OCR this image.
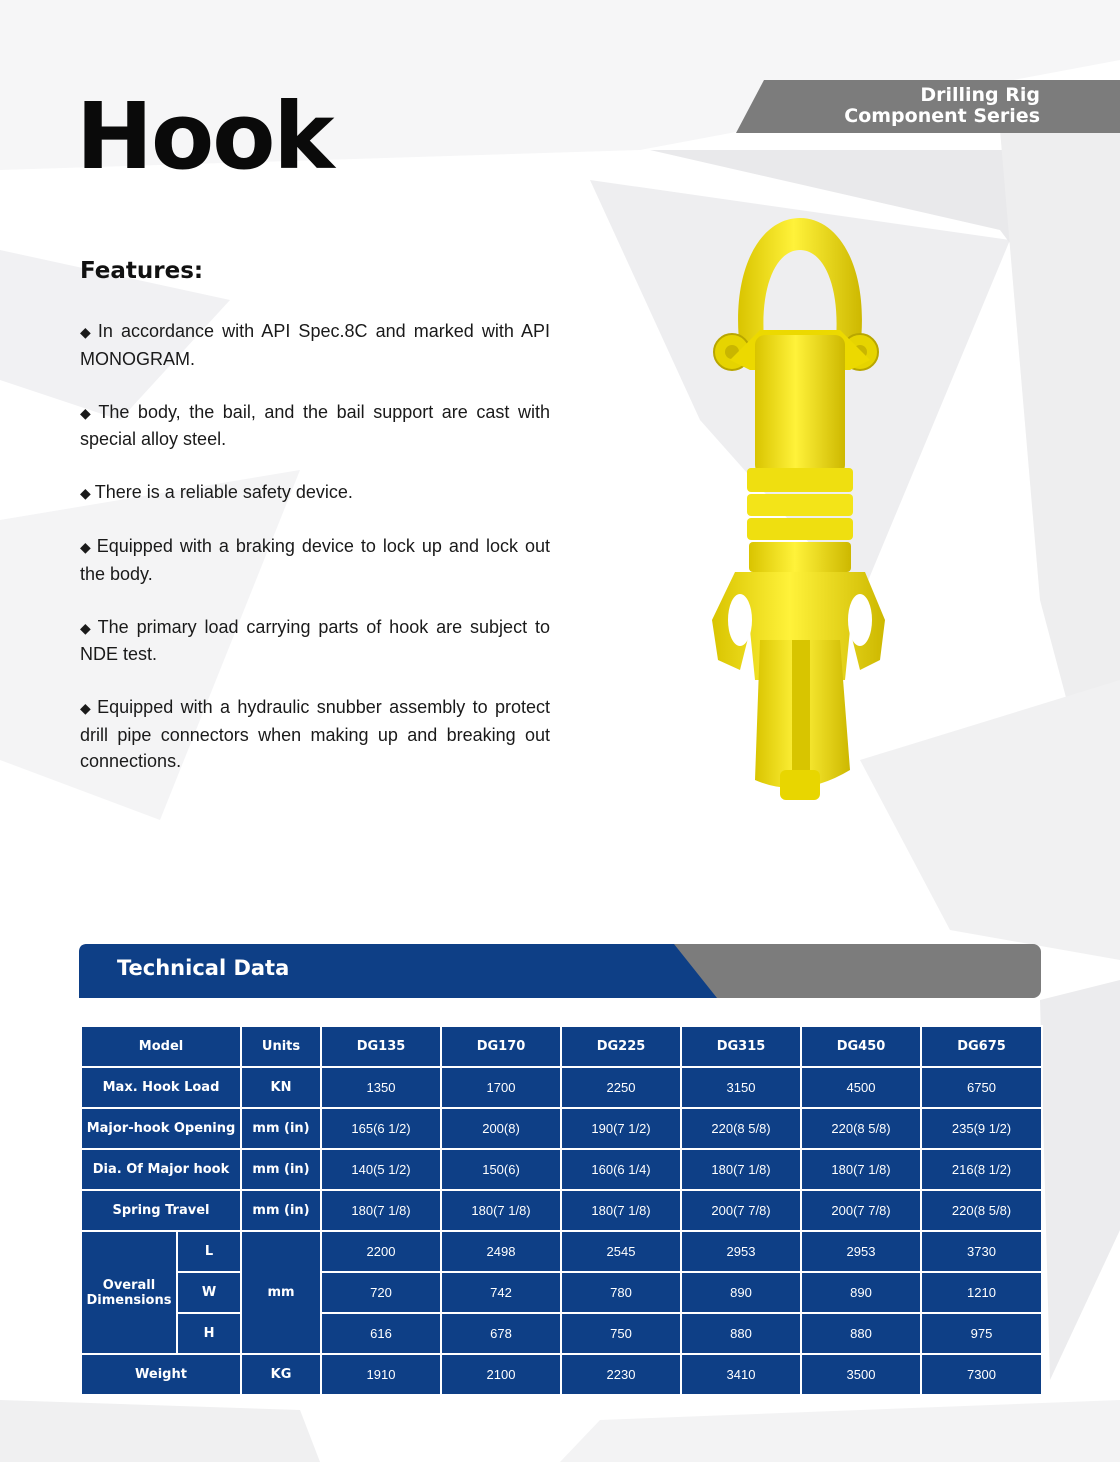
Hook	Drilling Rig
Component Series
Features:
◆ In accordance with API Spec.8C and marked with API MONOGRAM.
◆ The body, the bail, and the bail support are cast with special alloy steel.
◆ There is a reliable safety device.
◆ Equipped with a braking device to lock up and lock out the body.
◆ The primary load carrying parts of hook are subject to NDE test.
◆ Equipped with a hydraulic snubber assembly to protect drill pipe connectors when making up and breaking out connections.
Technical Data
Model		Units	DG135	DG170	DG225	DG315	DG450	DG675
Max. Hook Load		KN	1350	1700	2250	3150	4500	6750
Major-hook Opening		mm (in)	165(6 1/2)	200(8)	190(7 1/2)	220(8 5/8)	220(8 5/8)	235(9 1/2)
Dia. Of Major hook		mm (in)	140(5 1/2)	150(6)	160(6 1/4)	180(7 1/8)	180(7 1/8)	216(8 1/2)
Spring Travel		mm (in)	180(7 1/8)	180(7 1/8)	180(7 1/8)	200(7 7/8)	200(7 7/8)	220(8 5/8)

Overall
Dimensions	L	mm	2200	2498	2545	2953	2953	3730
	W		720	742	780	890	890	1210
	H		616	678	750	880	880	975
Weight		KG	1910	2100	2230	3410	3500	7300
